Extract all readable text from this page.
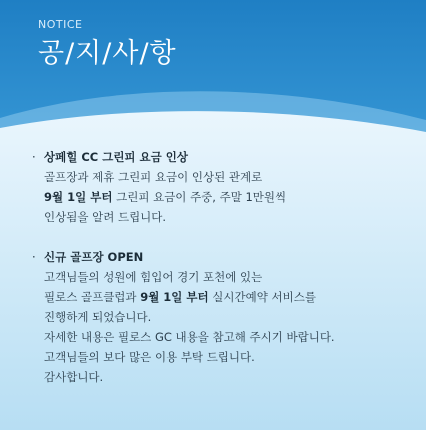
NOTICE
공/지/사/항
· 상페힐 CC 그린피 요금 인상
골프장과 제휴 그린피 요금이 인상된 관계로
9월 1일 부터 그린피 요금이 주중, 주말 1만원씩
인상됨을 알려 드립니다.
· 신규 골프장 OPEN
고객님들의 성원에 힘입어 경기 포천에 있는
필로스 골프클럽과 9월 1일 부터 실시간예약 서비스를
진행하게 되었습니다.
자세한 내용은 필로스 GC 내용을 참고해 주시기 바랍니다.
고객님들의 보다 많은 이용 부탁 드립니다.
감사합니다.
